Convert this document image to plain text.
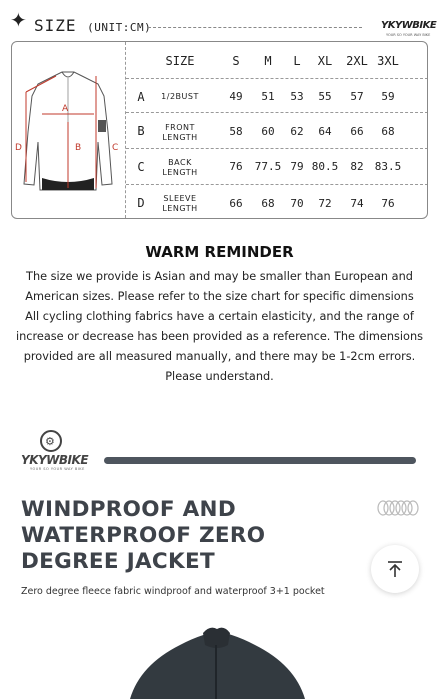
✦ SIZE (UNIT:CM)	YKYWBIKE
YOUR SO YOUR WAY BIKE
A
B	C
D
SIZE	S	M	L	XL	2XL 3XL
A	1/2BUST	49	51	53	55	57	59
B	FRONT
LENGTH	58	60	62	64	66	68
C	BACK
LENGTH	76	77.5 79 80.5	82	83.5
D	SLEEVE
LENGTH	66	68	70	72	74	76
WARM REMINDER
The size we provide is Asian and may be smaller than European and
American sizes. Please refer to the size chart for specific dimensions
All cycling clothing fabrics have a certain elasticity, and the range of
increase or decrease has been provided as a reference. The dimensions
provided are all measured manually, and there may be 1-2cm errors.
Please understand.
⚙
YKYWBIKE
YOUR SO YOUR WAY BIKE
WINDPROOF AND
WATERPROOF ZERO
DEGREE JACKET
Zero degree fleece fabric windproof and waterproof 3+1 pocket
